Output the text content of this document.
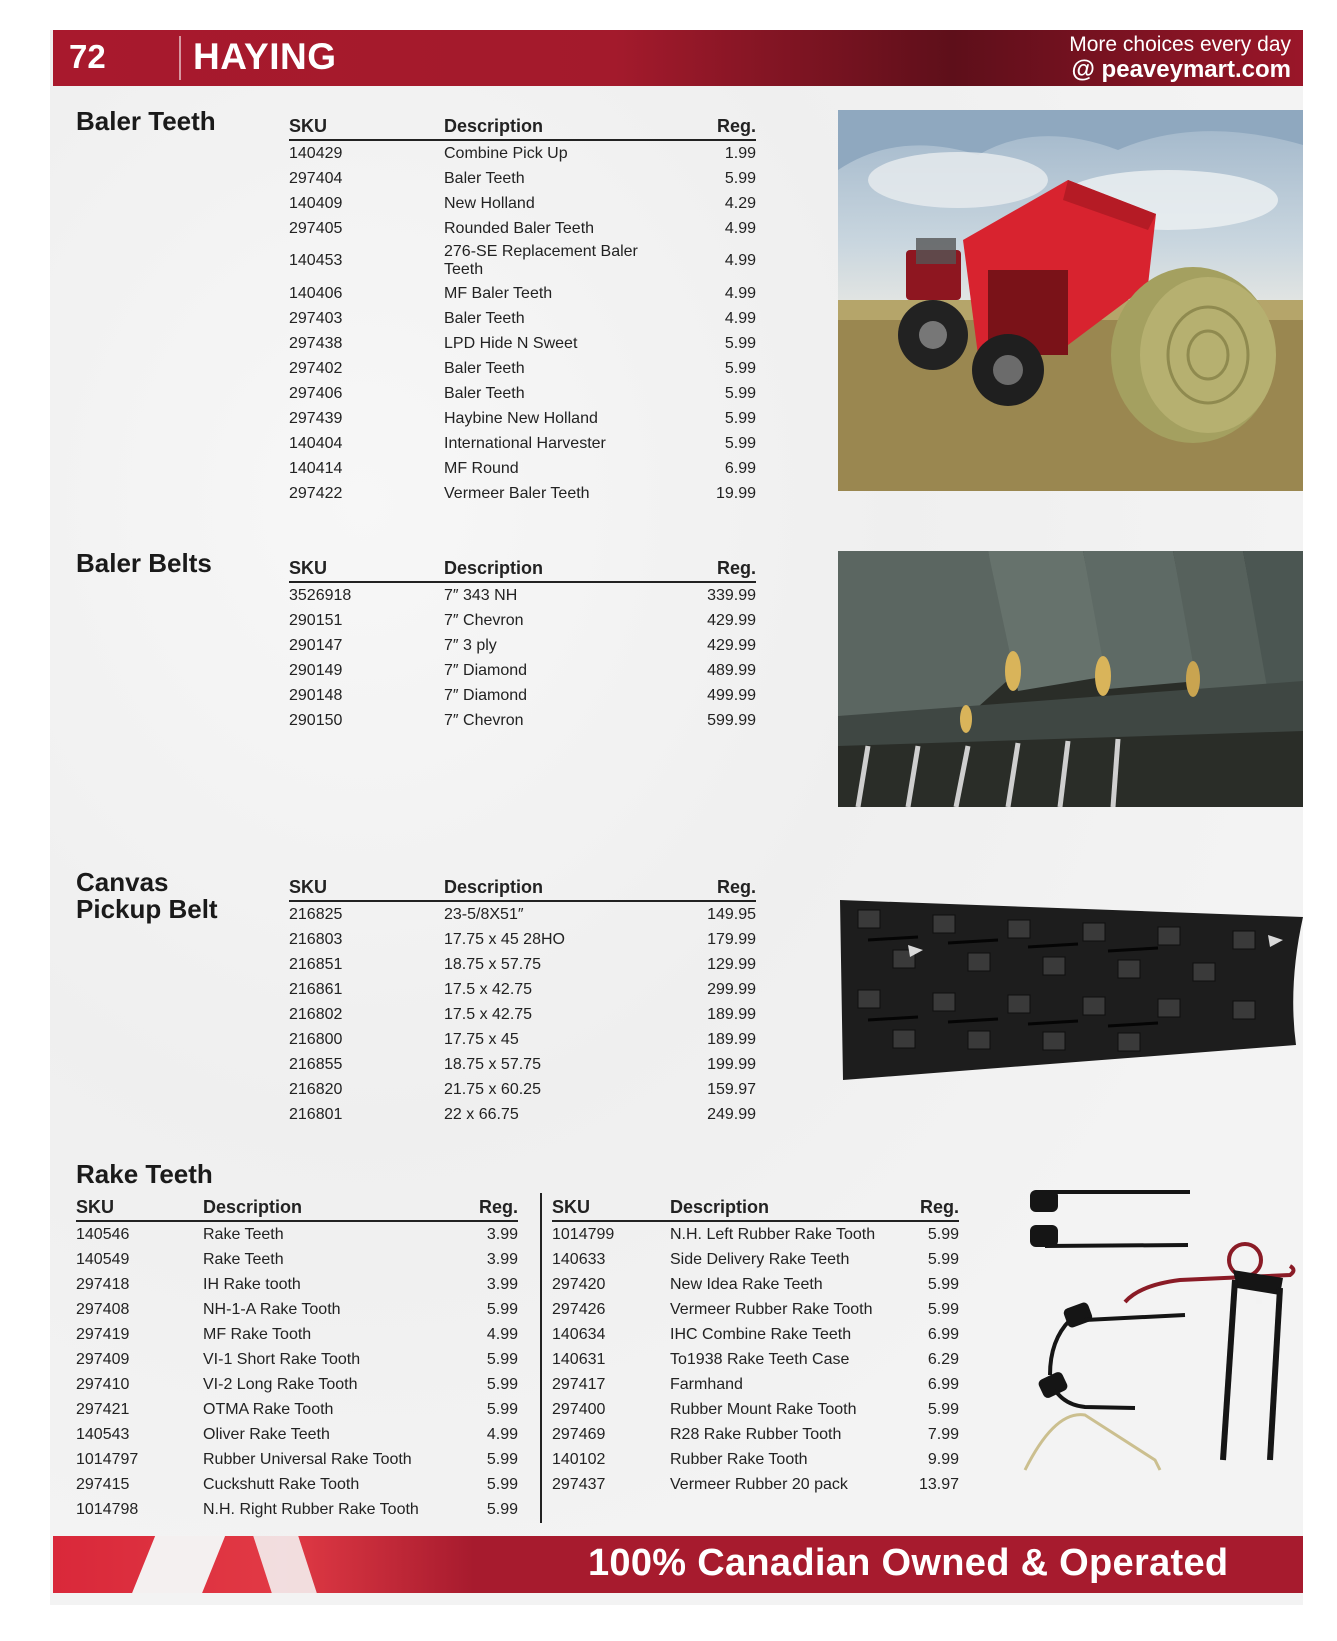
72 HAYING	More choices every day
@ peaveymart.com
Baler Teeth	SKU	Description	Reg.
140429	Combine Pick Up	1.99
297404	Baler Teeth	5.99
140409	New Holland	4.29
297405	Rounded Baler Teeth	4.99
140453	276-SE Replacement Baler Teeth	4.99
140406	MF Baler Teeth	4.99
297403	Baler Teeth	4.99
297438	LPD Hide N Sweet	5.99
297402	Baler Teeth	5.99
297406	Baler Teeth	5.99
297439	Haybine New Holland	5.99
140404	International Harvester	5.99
140414	MF Round	6.99
297422	Vermeer Baler Teeth	19.99
Baler Belts	SKU	Description	Reg.
3526918	7″ 343 NH	339.99
290151	7″ Chevron	429.99
290147	7″ 3 ply	429.99
290149	7″ Diamond	489.99
290148	7″ Diamond	499.99
290150	7″ Chevron	599.99
Canvas
Pickup Belt
SKU	Description	Reg.
216825	23-5/8X51″	149.95
216803	17.75 x 45 28HO	179.99
216851	18.75 x 57.75	129.99
216861	17.5 x 42.75	299.99
216802	17.5 x 42.75	189.99
216800	17.75 x 45	189.99
216855	18.75 x 57.75	199.99
216820	21.75 x 60.25	159.97
216801	22 x 66.75	249.99
Rake Teeth
SKU	Description	Reg.
140546	Rake Teeth	3.99
140549	Rake Teeth	3.99
297418	IH Rake tooth	3.99
297408	NH-1-A Rake Tooth	5.99
297419	MF Rake Tooth	4.99
297409	VI-1 Short Rake Tooth	5.99
297410	VI-2 Long Rake Tooth	5.99
297421	OTMA Rake Tooth	5.99
140543	Oliver Rake Teeth	4.99
1014797	Rubber Universal Rake Tooth	5.99
297415	Cuckshutt Rake Tooth	5.99
1014798	N.H. Right Rubber Rake Tooth	5.99
SKU	Description	Reg.
1014799	N.H. Left Rubber Rake Tooth	5.99
140633	Side Delivery Rake Teeth	5.99
297420	New Idea Rake Teeth	5.99
297426	Vermeer Rubber Rake Tooth	5.99
140634	IHC Combine Rake Teeth	6.99
140631	To1938 Rake Teeth Case	6.29
297417	Farmhand	6.99
297400	Rubber Mount Rake Tooth	5.99
297469	R28 Rake Rubber Tooth	7.99
140102	Rubber Rake Tooth	9.99
297437	Vermeer Rubber 20 pack	13.97
100% Canadian Owned & Operated
